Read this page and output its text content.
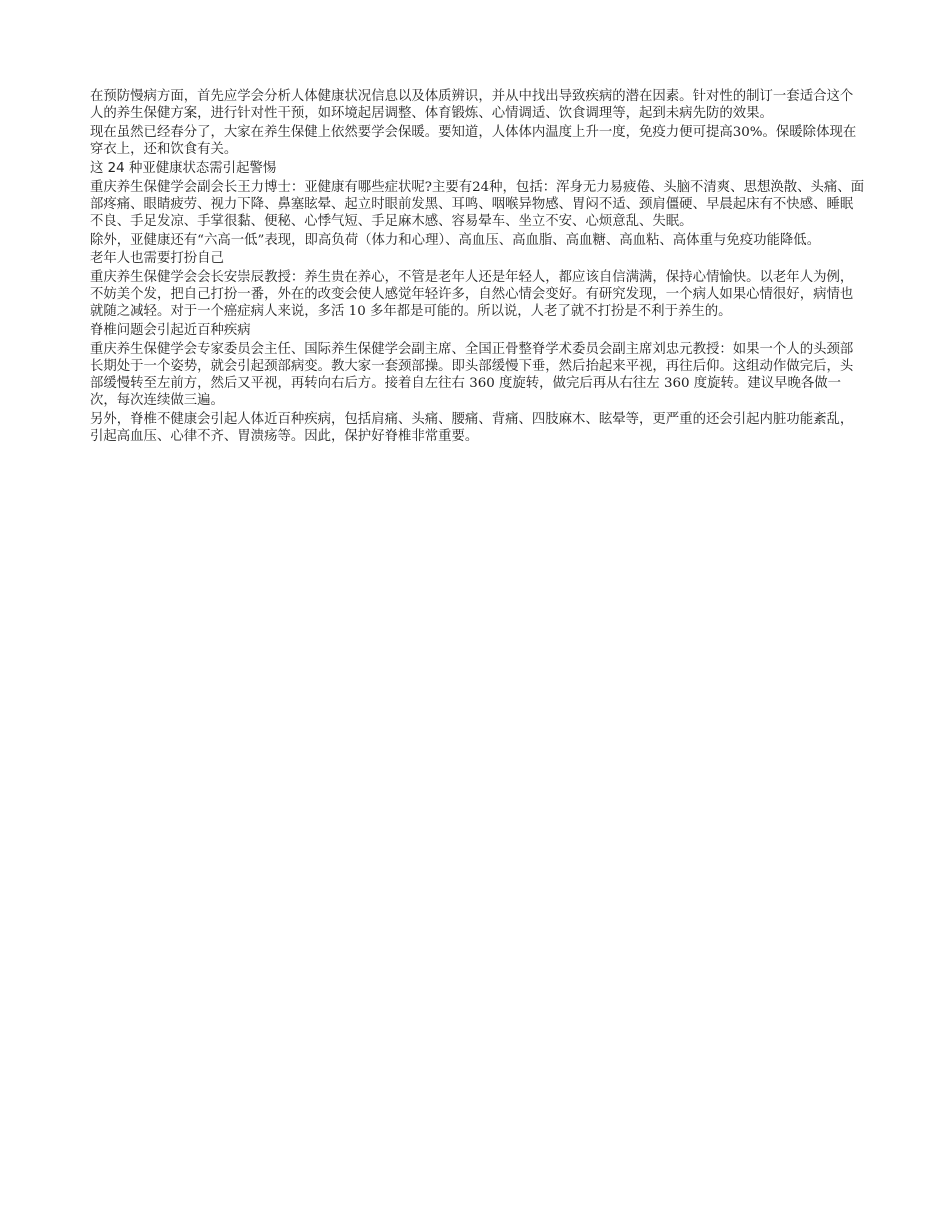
在预防慢病方面，首先应学会分析人体健康状况信息以及体质辨识，并从中找出导致疾病的潜在因素。针对性的制订一套适合这个人的养生保健方案，进行针对性干预，如环境起居调整、体育锻炼、心情调适、饮食调理等，起到未病先防的效果。

现在虽然已经春分了，大家在养生保健上依然要学会保暖。要知道，人体体内温度上升一度，免疫力便可提高30%。保暖除体现在穿衣上，还和饮食有关。

这 24 种亚健康状态需引起警惕

重庆养生保健学会副会长王力博士：亚健康有哪些症状呢?主要有24种，包括：浑身无力易疲倦、头脑不清爽、思想涣散、头痛、面部疼痛、眼睛疲劳、视力下降、鼻塞眩晕、起立时眼前发黑、耳鸣、咽喉异物感、胃闷不适、颈肩僵硬、早晨起床有不快感、睡眠不良、手足发凉、手掌很黏、便秘、心悸气短、手足麻木感、容易晕车、坐立不安、心烦意乱、失眠。

除外，亚健康还有“六高一低”表现，即高负荷（体力和心理）、高血压、高血脂、高血糖、高血粘、高体重与免疫功能降低。

老年人也需要打扮自己

重庆养生保健学会会长安崇辰教授：养生贵在养心，不管是老年人还是年轻人，都应该自信满满，保持心情愉快。以老年人为例，不妨美个发，把自己打扮一番，外在的改变会使人感觉年轻许多，自然心情会变好。有研究发现，一个病人如果心情很好，病情也就随之减轻。对于一个癌症病人来说，多活 10 多年都是可能的。所以说，人老了就不打扮是不利于养生的。

脊椎问题会引起近百种疾病

重庆养生保健学会专家委员会主任、国际养生保健学会副主席、全国正骨整脊学术委员会副主席刘忠元教授：如果一个人的头颈部长期处于一个姿势，就会引起颈部病变。教大家一套颈部操。即头部缓慢下垂，然后抬起来平视，再往后仰。这组动作做完后，头部缓慢转至左前方，然后又平视，再转向右后方。接着自左往右 360 度旋转，做完后再从右往左 360 度旋转。建议早晚各做一次，每次连续做三遍。

另外，脊椎不健康会引起人体近百种疾病，包括肩痛、头痛、腰痛、背痛、四肢麻木、眩晕等，更严重的还会引起内脏功能紊乱，引起高血压、心律不齐、胃溃疡等。因此，保护好脊椎非常重要。
